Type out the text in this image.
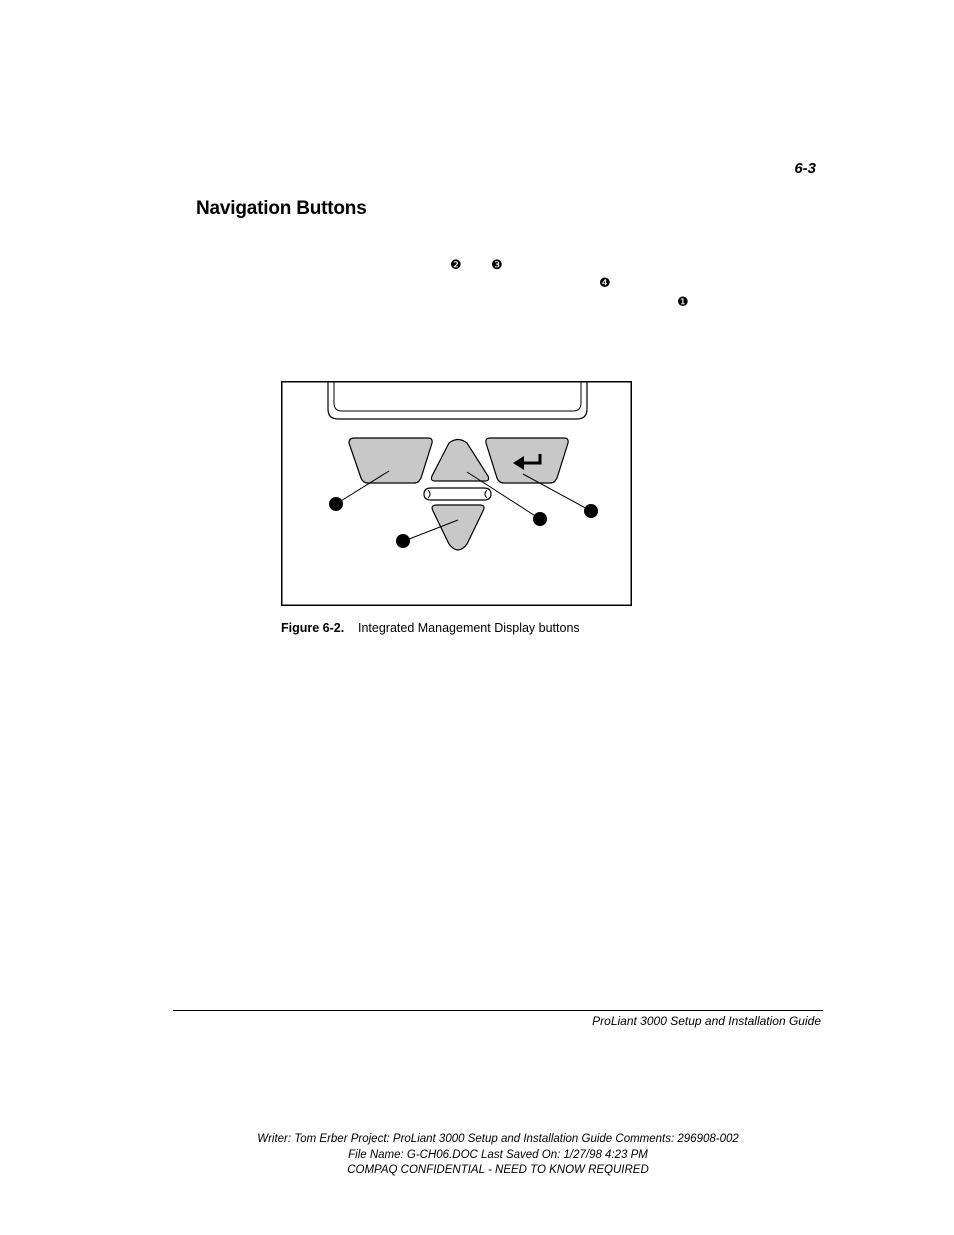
6-3
Navigation Buttons
❷ ❸
❹
❶
Figure 6-2. Integrated Management Display buttons
ProLiant 3000 Setup and Installation Guide
Writer: Tom Erber Project: ProLiant 3000 Setup and Installation Guide Comments: 296908-002
File Name: G-CH06.DOC Last Saved On: 1/27/98 4:23 PM
COMPAQ CONFIDENTIAL - NEED TO KNOW REQUIRED
